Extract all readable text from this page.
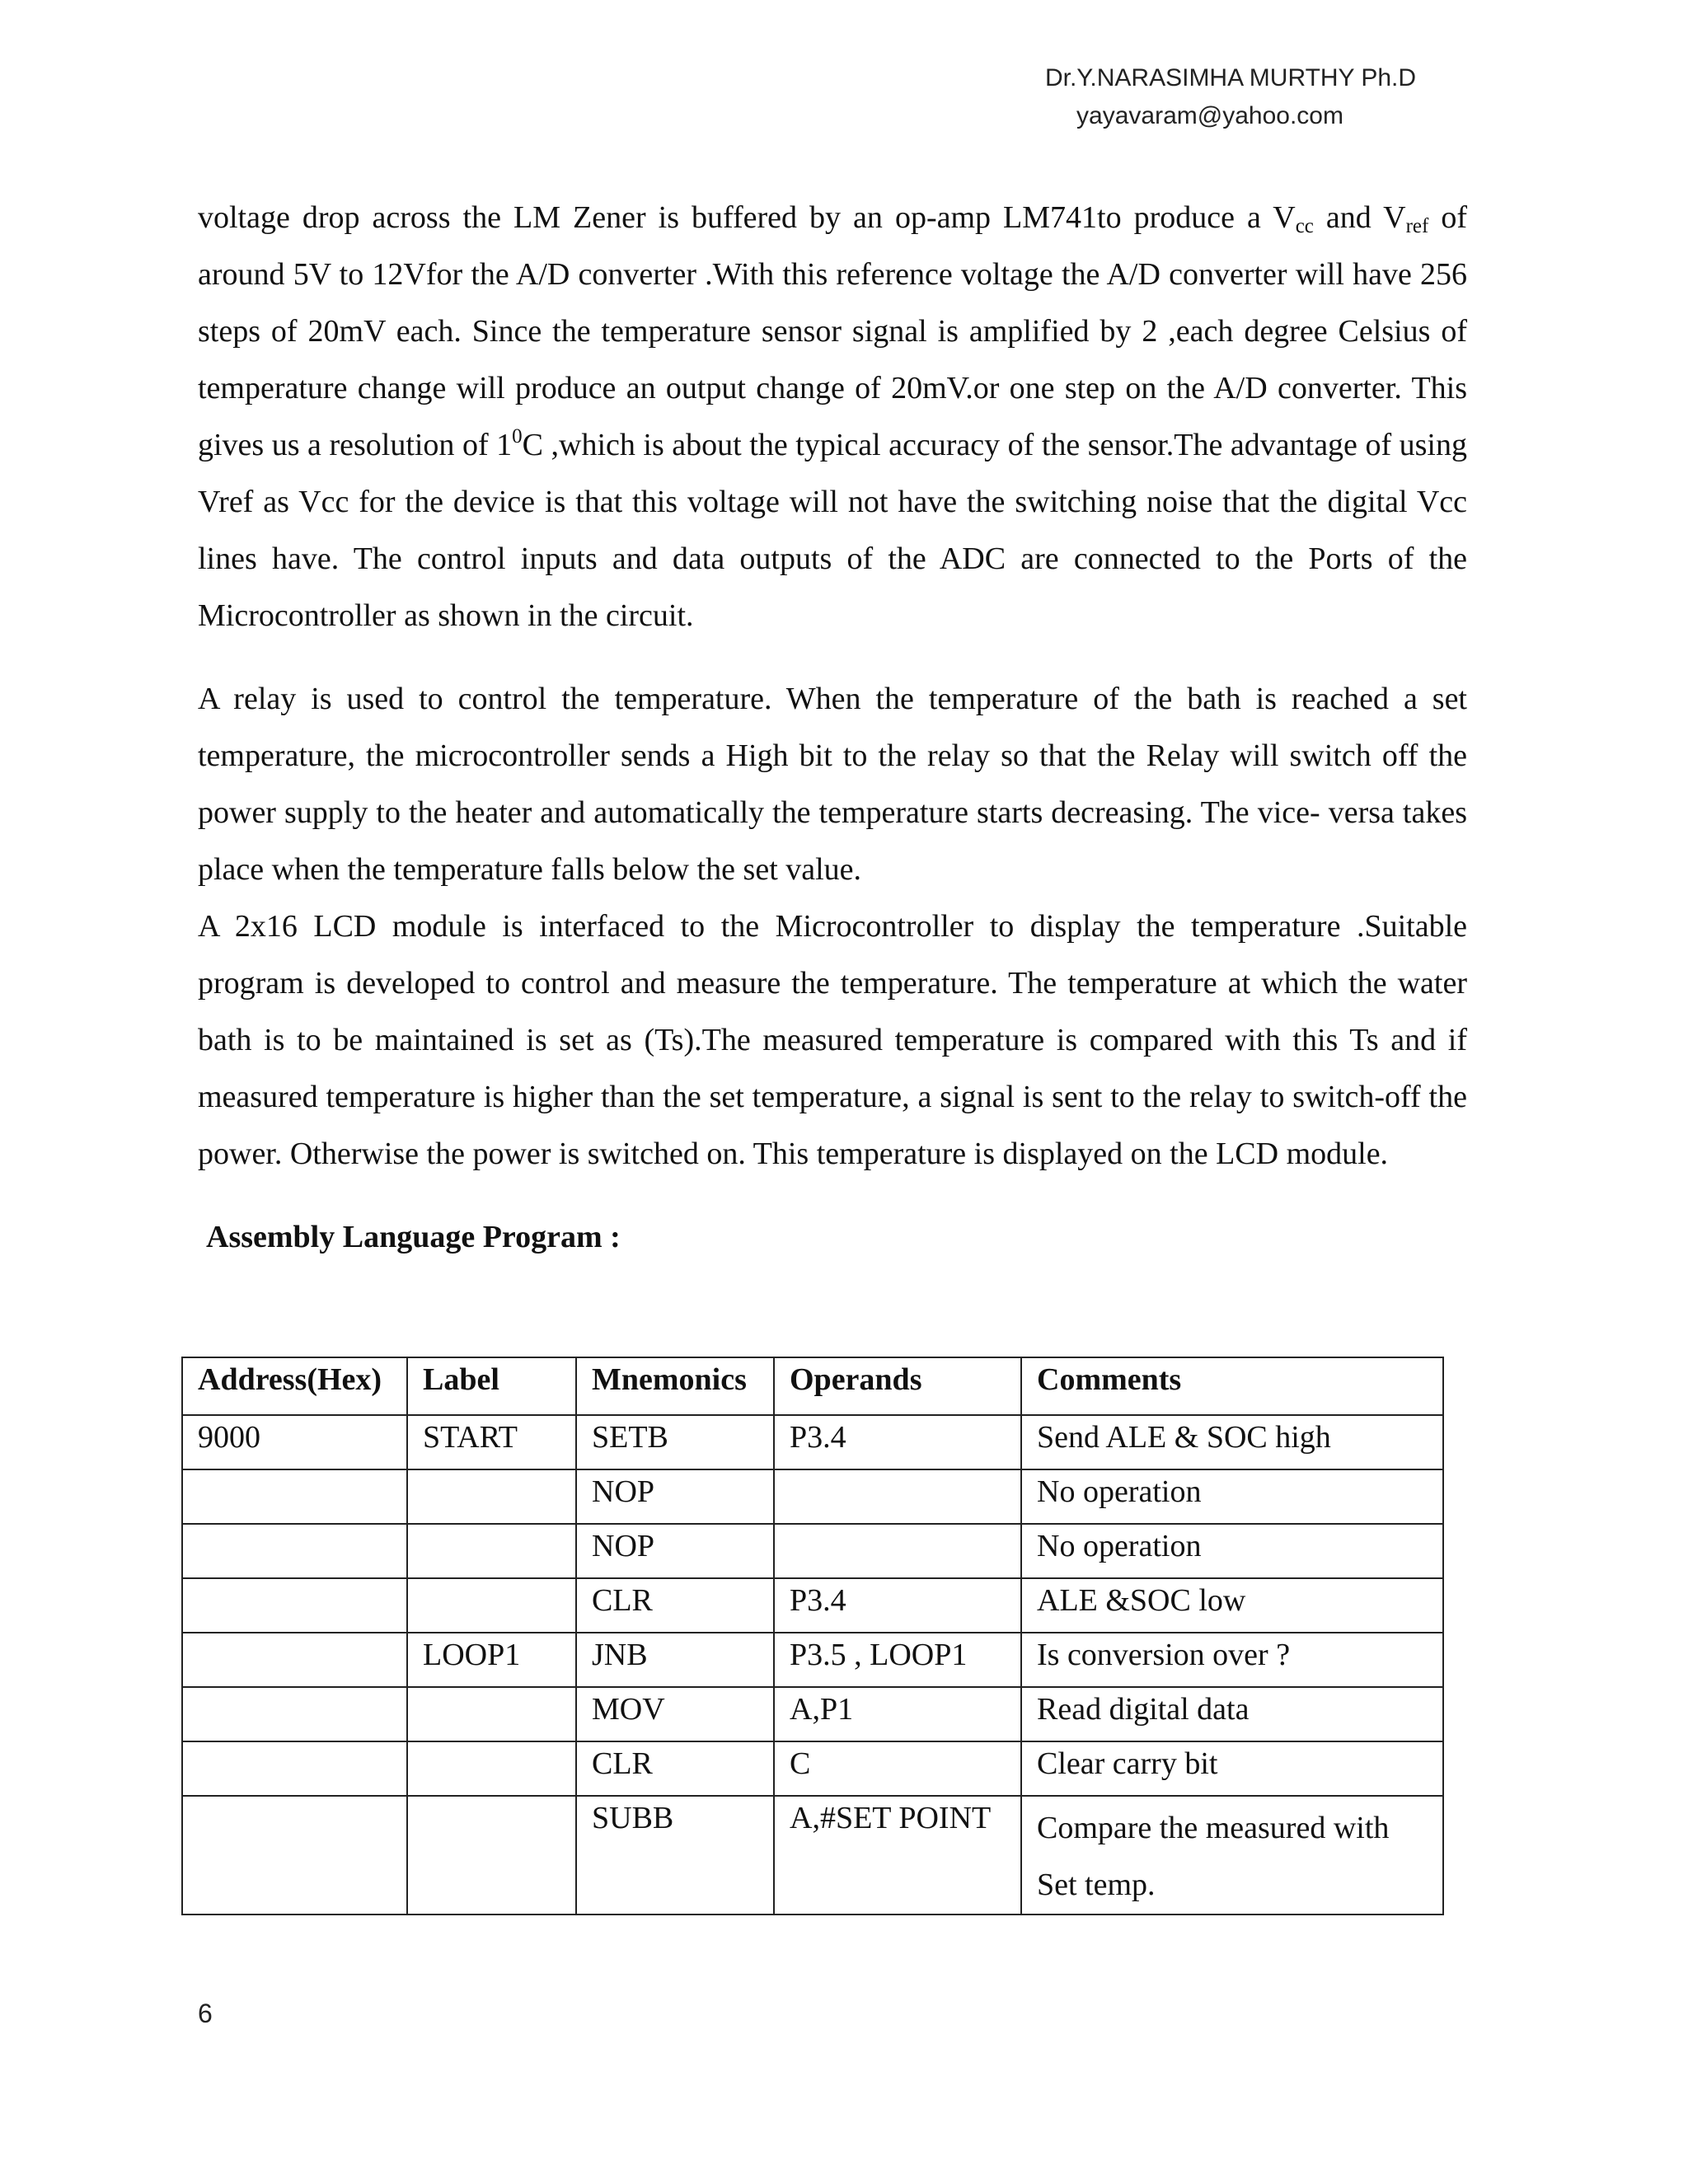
Dr.Y.NARASIMHA MURTHY Ph.D
yayavaram@yahoo.com

voltage drop across the LM Zener is buffered by an op-amp LM741to produce a $V_{cc}$ and $V_{ref}$ of around 5V to 12Vfor the A/D converter .With this reference voltage the A/D converter will have 256 steps of 20mV each. Since the temperature sensor signal is amplified by 2 ,each degree Celsius of temperature change will produce an output change of 20mV.or one step on the A/D converter. This gives us a resolution of $1^0C$ ,which is about the typical accuracy of the sensor.The advantage of using Vref as Vcc for the device is that this voltage will not have the switching noise that the digital Vcc lines have. The control inputs and data outputs of the ADC are connected to the Ports of the Microcontroller as shown in the circuit.

A relay is used to control the temperature. When the temperature of the bath is reached a set temperature, the microcontroller sends a High bit to the relay so that the Relay will switch off the power supply to the heater and automatically the temperature starts decreasing. The vice- versa takes place when the temperature falls below the set value.

A 2x16 LCD module is interfaced to the Microcontroller to display the temperature .Suitable program is developed to control and measure the temperature. The temperature at which the water bath is to be maintained is set as (Ts).The measured temperature is compared with this Ts and if measured temperature is higher than the set temperature, a signal is sent to the relay to switch-off the power. Otherwise the power is switched on. This temperature is displayed on the LCD module.

Assembly Language Program :
Address(Hex)	Label	Mnemonics	Operands	Comments
9000	START	SETB	P3.4	Send ALE & SOC high
		NOP		No operation
		NOP		No operation
		CLR	P3.4	ALE &SOC low
	LOOP1	JNB	P3.5 , LOOP1	Is conversion over ?
		MOV	A,P1	Read digital data
		CLR	C	Clear carry bit
		SUBB	A,#SET POINT	Compare the measured with Set temp.
6
